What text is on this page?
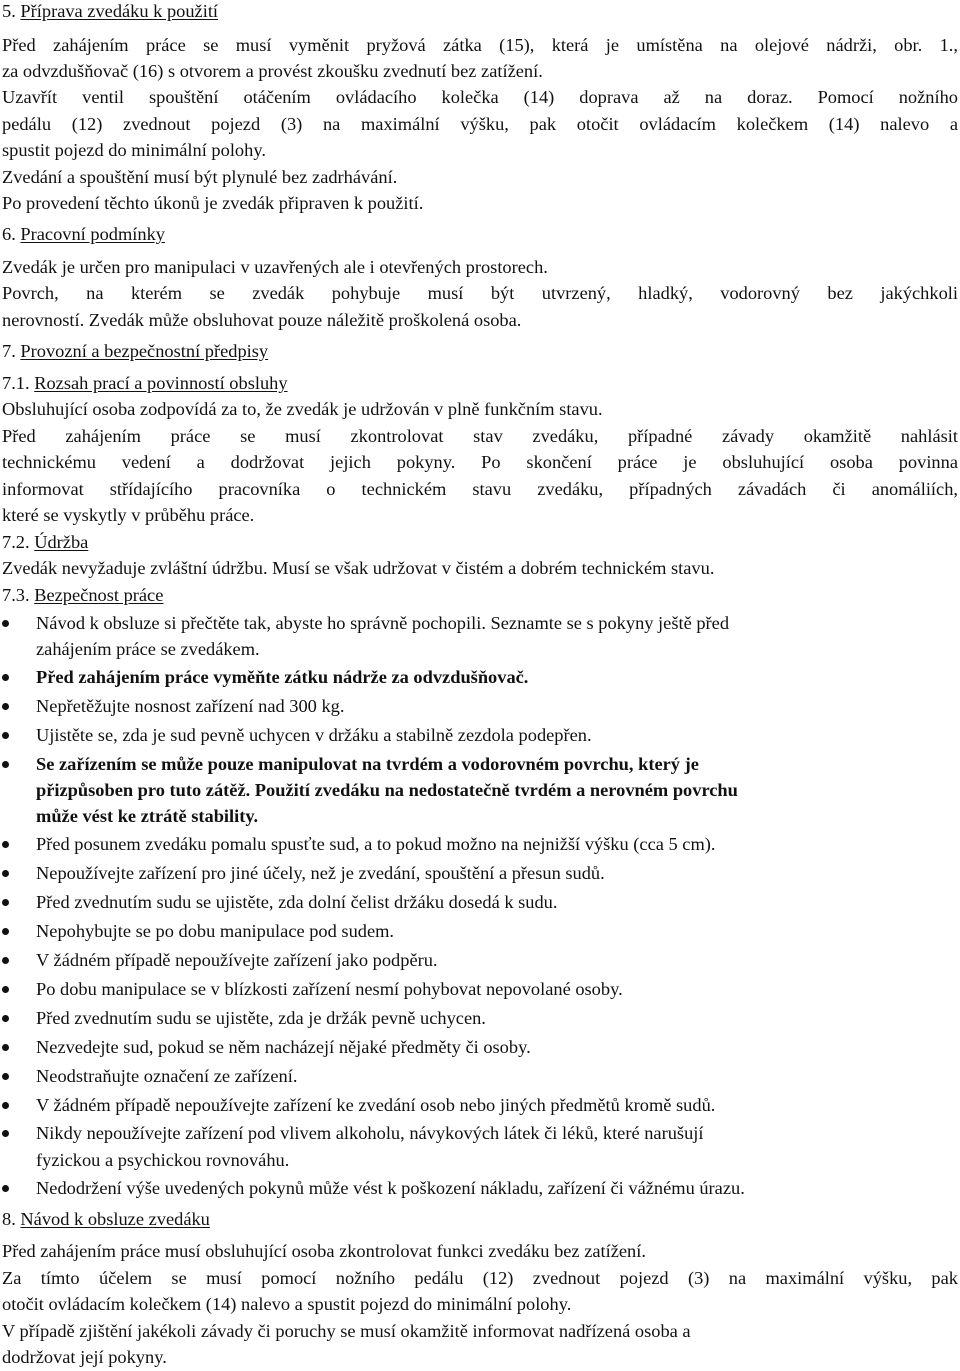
5. Příprava zvedáku k použití
Před zahájením práce se musí vyměnit pryžová zátka (15), která je umístěna na olejové nádrži, obr. 1.,
za odvzdušňovač (16) s otvorem a provést zkoušku zvednutí bez zatížení.
Uzavřít ventil spouštění otáčením ovládacího kolečka (14) doprava až na doraz. Pomocí nožního
pedálu (12) zvednout pojezd (3) na maximální výšku, pak otočit ovládacím kolečkem (14) nalevo a
spustit pojezd do minimální polohy.
Zvedání a spouštění musí být plynulé bez zadrhávání.
Po provedení těchto úkonů je zvedák připraven k použití.
6. Pracovní podmínky
Zvedák je určen pro manipulaci v uzavřených ale i otevřených prostorech.
Povrch, na kterém se zvedák pohybuje musí být utvrzený, hladký, vodorovný bez jakýchkoli
nerovností. Zvedák může obsluhovat pouze náležitě proškolená osoba.
7. Provozní a bezpečnostní předpisy
7.1. Rozsah prací a povinností obsluhy
Obsluhující osoba zodpovídá za to, že zvedák je udržován v plně funkčním stavu.
Před zahájením práce se musí zkontrolovat stav zvedáku, případné závady okamžitě nahlásit
technickému vedení a dodržovat jejich pokyny. Po skončení práce je obsluhující osoba povinna
informovat střídajícího pracovníka o technickém stavu zvedáku, případných závadách či anomáliích,
které se vyskytly v průběhu práce.
7.2. Údržba
Zvedák nevyžaduje zvláštní údržbu. Musí se však udržovat v čistém a dobrém technickém stavu.
7.3. Bezpečnost práce
Návod k obsluze si přečtěte tak, abyste ho správně pochopili. Seznamte se s pokyny ještě před
zahájením práce se zvedákem.
Před zahájením práce vyměňte zátku nádrže za odvzdušňovač.
Nepřetěžujte nosnost zařízení nad 300 kg.
Ujistěte se, zda je sud pevně uchycen v držáku a stabilně zezdola podepřen.
Se zařízením se může pouze manipulovat na tvrdém a vodorovném povrchu, který je
přizpůsoben pro tuto zátěž. Použití zvedáku na nedostatečně tvrdém a nerovném povrchu
může vést ke ztrátě stability.
Před posunem zvedáku pomalu spusťte sud, a to pokud možno na nejnižší výšku (cca 5 cm).
Nepoužívejte zařízení pro jiné účely, než je zvedání, spouštění a přesun sudů.
Před zvednutím sudu se ujistěte, zda dolní čelist držáku dosedá k sudu.
Nepohybujte se po dobu manipulace pod sudem.
V žádném případě nepoužívejte zařízení jako podpěru.
Po dobu manipulace se v blízkosti zařízení nesmí pohybovat nepovolané osoby.
Před zvednutím sudu se ujistěte, zda je držák pevně uchycen.
Nezvedejte sud, pokud se něm nacházejí nějaké předměty či osoby.
Neodstraňujte označení ze zařízení.
V žádném případě nepoužívejte zařízení ke zvedání osob nebo jiných předmětů kromě sudů.
Nikdy nepoužívejte zařízení pod vlivem alkoholu, návykových látek či léků, které narušují
fyzickou a psychickou rovnováhu.
Nedodržení výše uvedených pokynů může vést k poškození nákladu, zařízení či vážnému úrazu.
8. Návod k obsluze zvedáku
Před zahájením práce musí obsluhující osoba zkontrolovat funkci zvedáku bez zatížení.
Za tímto účelem se musí pomocí nožního pedálu (12) zvednout pojezd (3) na maximální výšku, pak
otočit ovládacím kolečkem (14) nalevo a spustit pojezd do minimální polohy.
V případě zjištění jakékoli závady či poruchy se musí okamžitě informovat nadřízená osoba a
dodržovat její pokyny.
